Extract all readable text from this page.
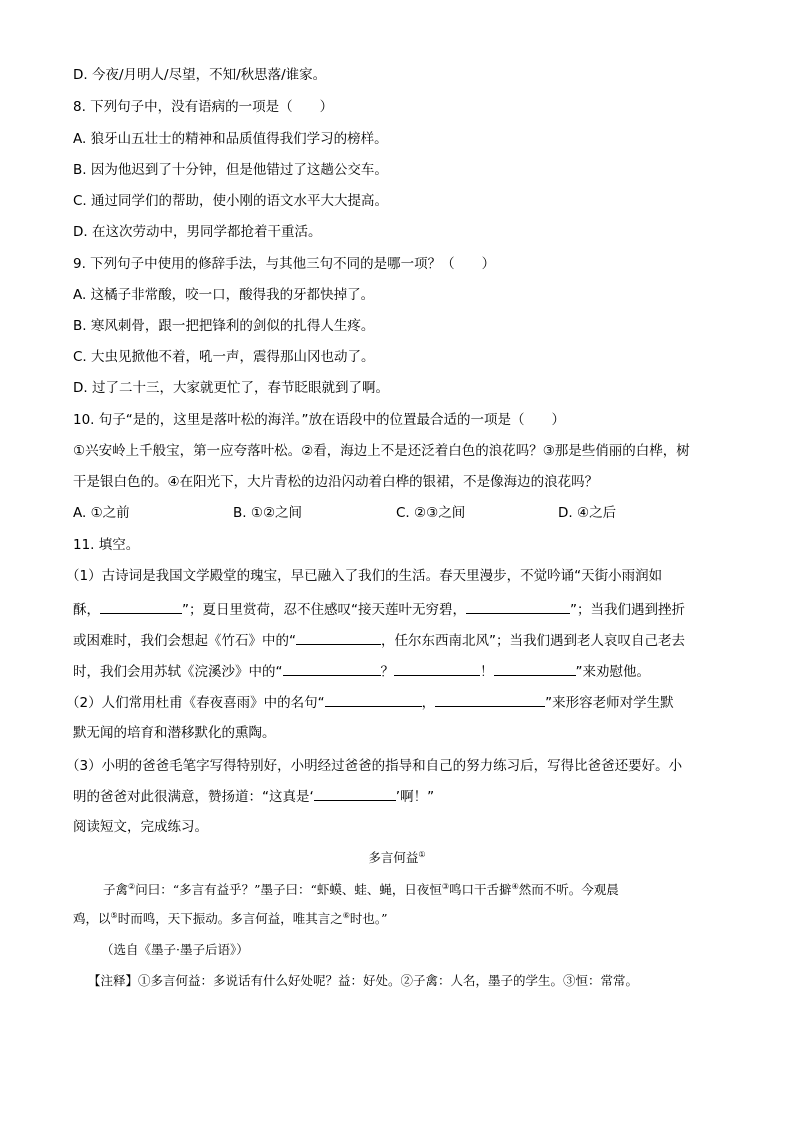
D. 今夜/月明人/尽望，不知/秋思落/谁家。
8. 下列句子中，没有语病的一项是（　　）
A. 狼牙山五壮士的精神和品质值得我们学习的榜样。
B. 因为他迟到了十分钟，但是他错过了这趟公交车。
C. 通过同学们的帮助，使小刚的语文水平大大提高。
D. 在这次劳动中，男同学都抢着干重活。
9. 下列句子中使用的修辞手法，与其他三句不同的是哪一项？（　　）
A. 这橘子非常酸，咬一口，酸得我的牙都快掉了。
B. 寒风刺骨，跟一把把锋利的剑似的扎得人生疼。
C. 大虫见掀他不着，吼一声，震得那山冈也动了。
D. 过了二十三，大家就更忙了，春节眨眼就到了啊。
10. 句子“是的，这里是落叶松的海洋。”放在语段中的位置最合适的一项是（　　）
①兴安岭上千般宝，第一应夸落叶松。②看，海边上不是还泛着白色的浪花吗？③那是些俏丽的白桦，树
干是银白色的。④在阳光下，大片青松的边沿闪动着白桦的银裙，不是像海边的浪花吗？
A. ①之前	B. ①②之间	C. ②③之间	D. ④之后
11. 填空。
（1）古诗词是我国文学殿堂的瑰宝，早已融入了我们的生活。春天里漫步，不觉吟诵“天街小雨润如
酥，	”；夏日里赏荷，忍不住感叹“接天莲叶无穷碧，	”；当我们遇到挫折
或困难时，我们会想起《竹石》中的“	，任尔东西南北风”；当我们遇到老人哀叹自己老去
时，我们会用苏轼《浣溪沙》中的“	？	！	”来劝慰他。
（2）人们常用杜甫《春夜喜雨》中的名句“	，	”来形容老师对学生默
默无闻的培育和潜移默化的熏陶。
（3）小明的爸爸毛笔字写得特别好，小明经过爸爸的指导和自己的努力练习后，写得比爸爸还要好。小
明的爸爸对此很满意，赞扬道：“这真是‘	’啊！”
阅读短文，完成练习。
多言何益①
子禽②问曰：“多言有益乎？”墨子曰：“虾蟆、蛙、蝇，日夜恒③鸣口干舌擗④然而不听。今观晨
鸡，以⑤时而鸣，天下振动。多言何益，唯其言之⑥时也。”
（选自《墨子·墨子后语》）
【注释】①多言何益：多说话有什么好处呢？益：好处。②子禽：人名，墨子的学生。③恒：常常。
